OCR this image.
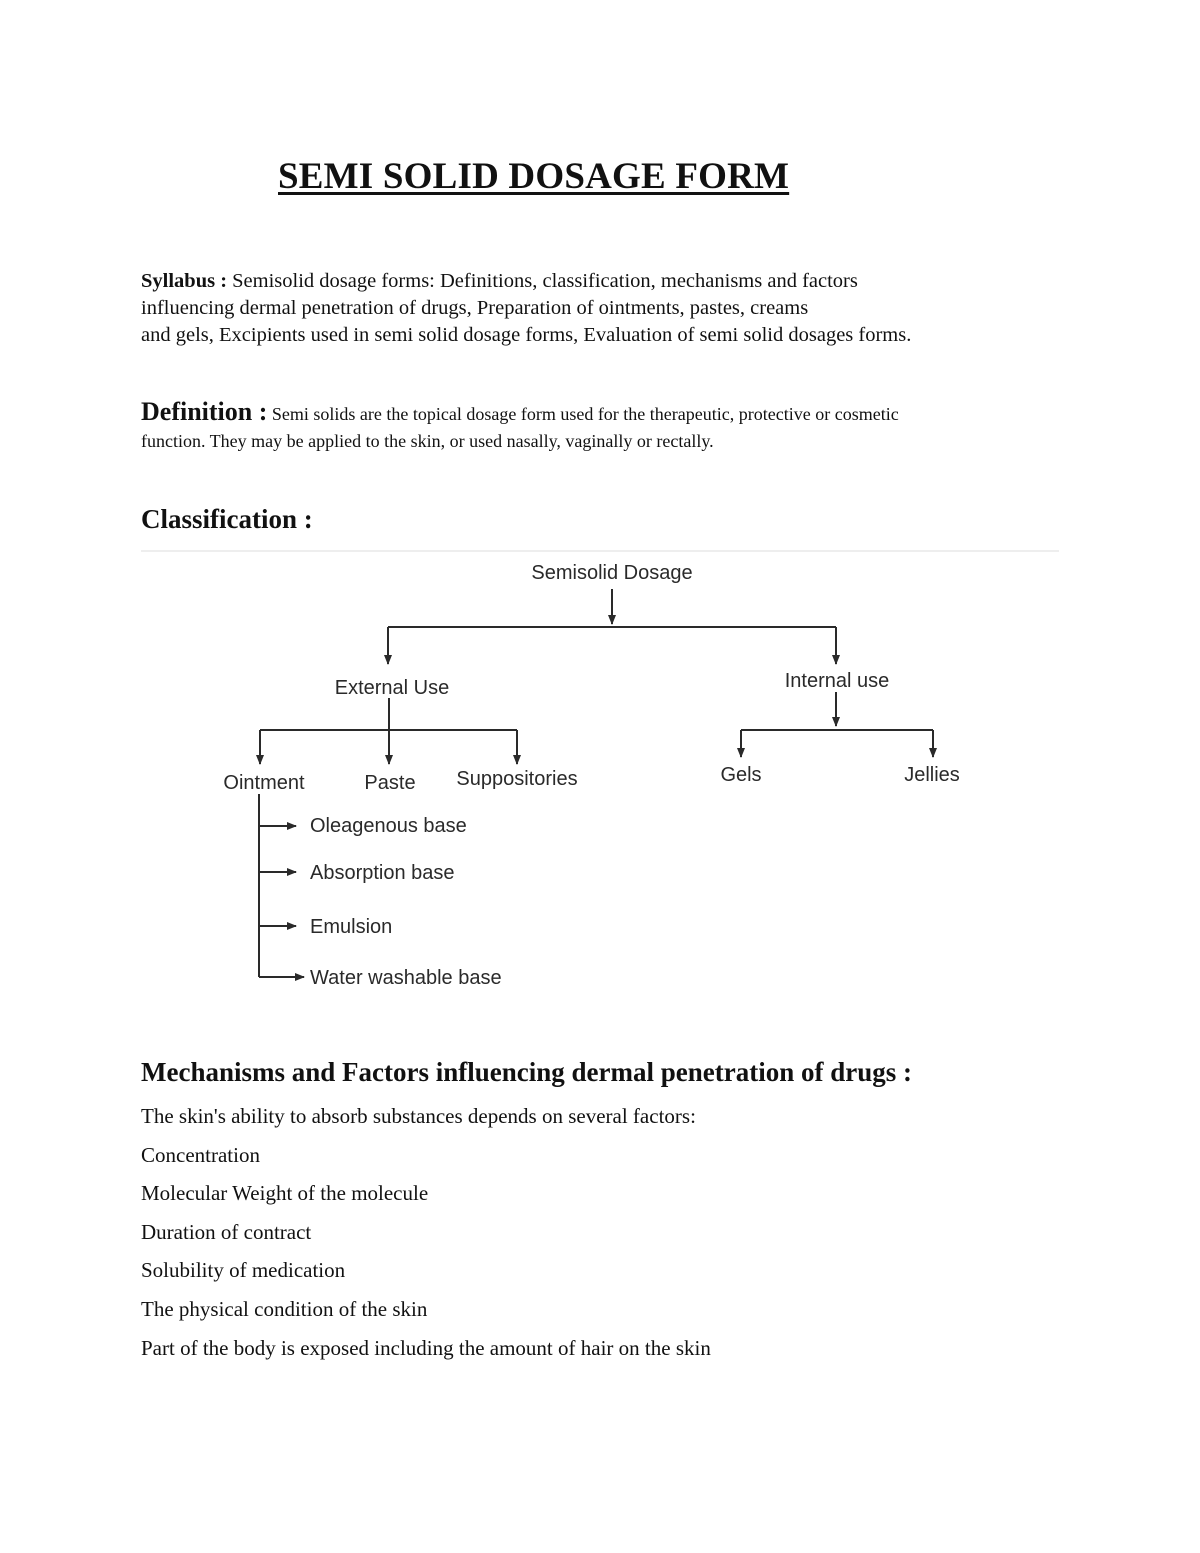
SEMI SOLID DOSAGE FORM

Syllabus : Semisolid dosage forms: Definitions, classification, mechanisms and factors
influencing dermal penetration of drugs, Preparation of ointments, pastes, creams
and gels, Excipients used in semi solid dosage forms, Evaluation of semi solid dosages forms.

Definition : Semi solids are the topical dosage form used for the therapeutic, protective or cosmetic
function. They may be applied to the skin, or used nasally, vaginally or rectally.

Classification :
Semisolid Dosage
External Use	Internal use
Ointment	Paste Suppositories	Gels	Jellies
Oleagenous base
Absorption base
Emulsion
Water washable base
Mechanisms and Factors influencing dermal penetration of drugs :
The skin's ability to absorb substances depends on several factors:
Concentration
Molecular Weight of the molecule
Duration of contract
Solubility of medication
The physical condition of the skin
Part of the body is exposed including the amount of hair on the skin
